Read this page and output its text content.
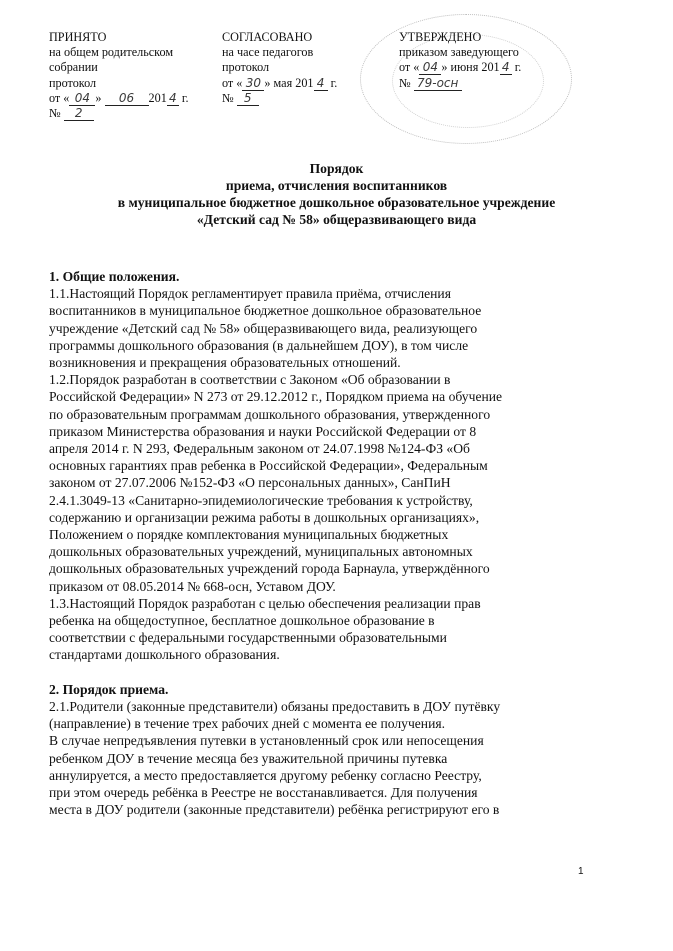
ПРИНЯТО
на общем родительском
собрании
протокол
от « 04 » 06 201 4 г.
№ 2
СОГЛАСОВАНО
на часе педагогов
протокол
от « 30 » мая 201 4 г.
№ 5
УТВЕРЖДЕНО
приказом заведующего
от « 04 » июня 201 4 г.
№ 79-осн
Порядок
приема, отчисления воспитанников
в муниципальное бюджетное дошкольное образовательное учреждение
«Детский сад № 58» общеразвивающего вида

1. Общие положения.

1.1.Настоящий Порядок регламентирует правила приёма, отчисления

воспитанников в муниципальное бюджетное дошкольное образовательное

учреждение «Детский сад № 58» общеразвивающего вида, реализующего

программы дошкольного образования (в дальнейшем ДОУ), в том числе

возникновения и прекращения образовательных отношений.

1.2.Порядок разработан в соответствии с Законом «Об образовании в

Российской Федерации» N 273 от 29.12.2012 г., Порядком приема на обучение

по образовательным программам дошкольного образования, утвержденного

приказом Министерства образования и науки Российской Федерации от 8

апреля 2014 г. N 293, Федеральным законом от 24.07.1998 №124-ФЗ «Об

основных гарантиях прав ребенка в Российской Федерации», Федеральным

законом от 27.07.2006 №152-ФЗ «О персональных данных», СанПиН

2.4.1.3049-13 «Санитарно-эпидемиологические требования к устройству,

содержанию и организации режима работы в дошкольных организациях»,

Положением о порядке комплектования муниципальных бюджетных

дошкольных образовательных учреждений, муниципальных автономных

дошкольных образовательных учреждений города Барнаула, утверждённого

приказом от 08.05.2014 № 668-осн, Уставом ДОУ.

1.3.Настоящий Порядок разработан с целью обеспечения реализации прав

ребенка на общедоступное, бесплатное дошкольное образование в

соответствии с федеральными государственными образовательными

стандартами дошкольного образования.

2. Порядок приема.

2.1.Родители (законные представители) обязаны предоставить в ДОУ путёвку

(направление) в течение трех рабочих дней с момента ее получения.

В случае непредъявления путевки в установленный срок или непосещения

ребенком ДОУ в течение месяца без уважительной причины путевка

аннулируется, а место предоставляется другому ребенку согласно Реестру,

при этом очередь ребёнка в Реестре не восстанавливается. Для получения

места в ДОУ родители (законные представители) ребёнка регистрируют его в

1
